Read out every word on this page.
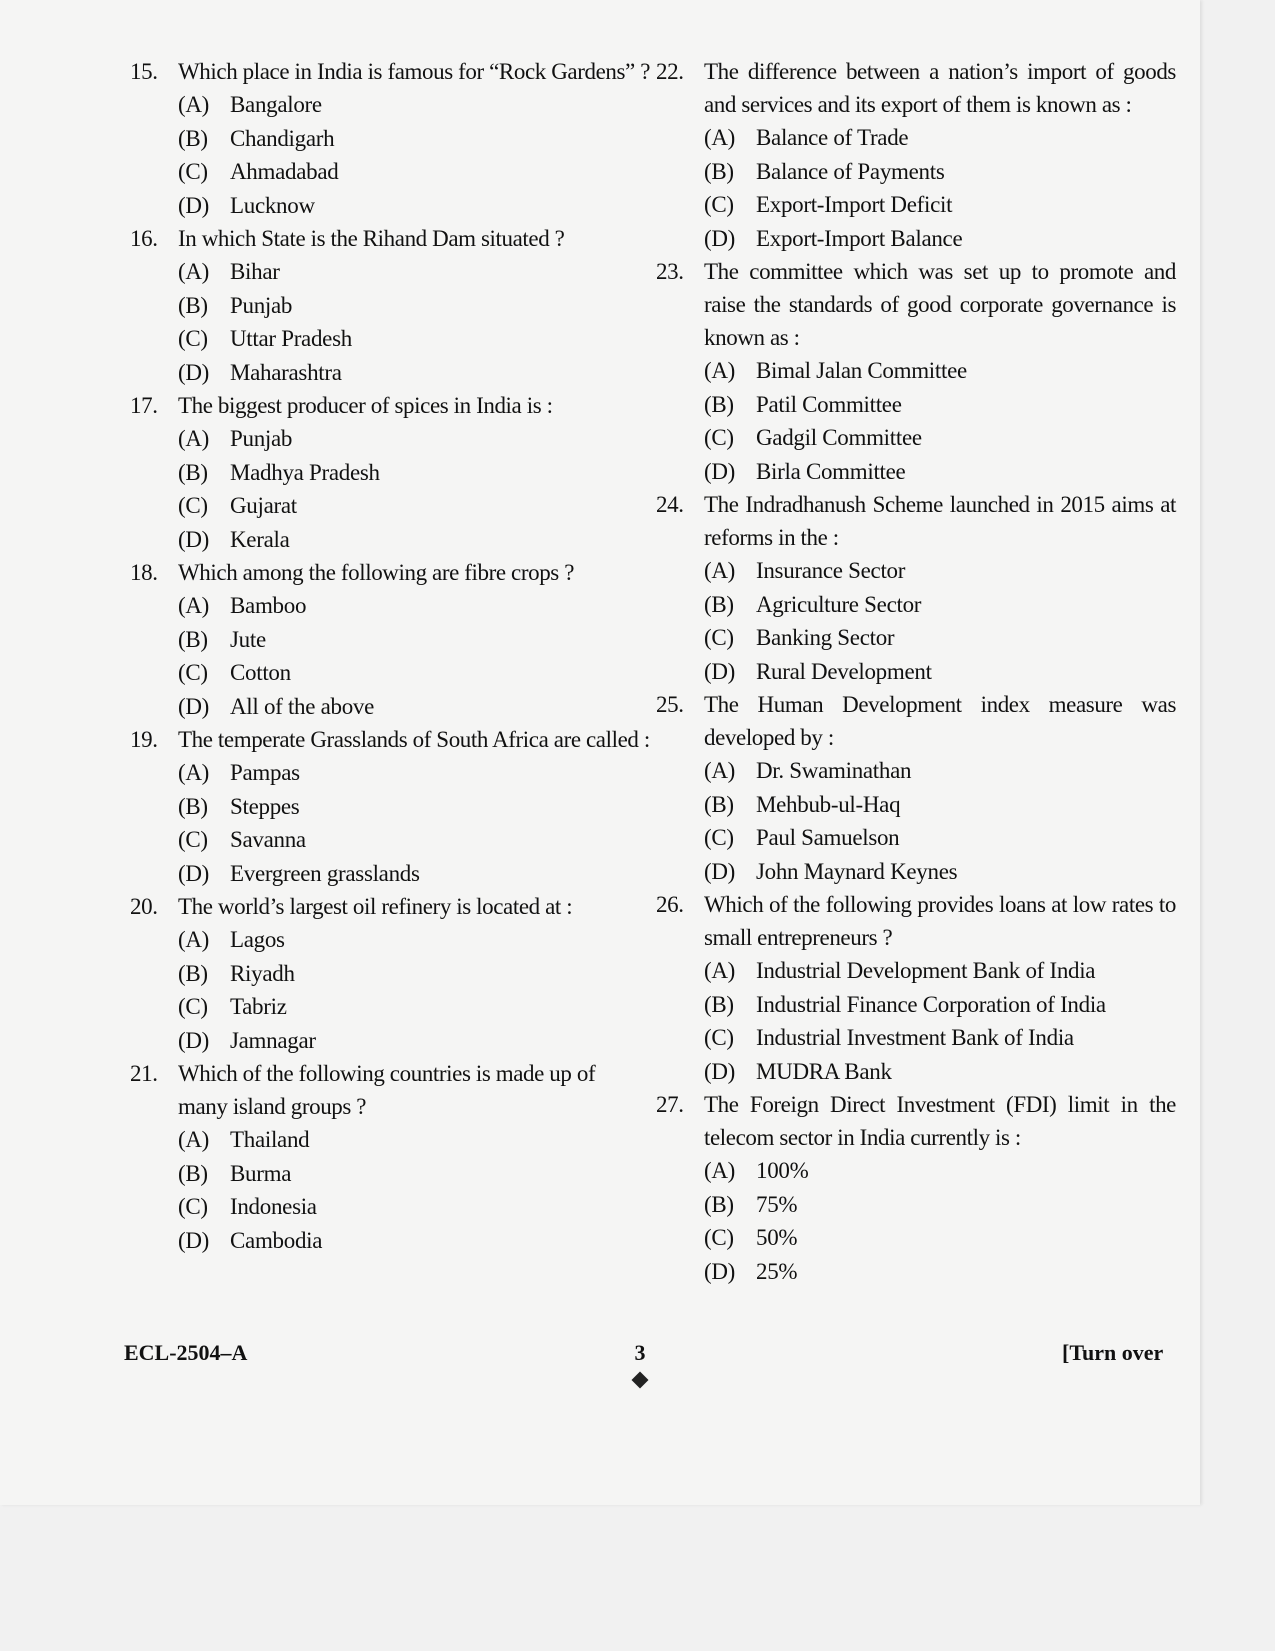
15. Which place in India is famous for “Rock Gardens” ?
(A) Bangalore
(B) Chandigarh
(C) Ahmadabad
(D) Lucknow
16. In which State is the Rihand Dam situated ?
(A) Bihar
(B) Punjab
(C) Uttar Pradesh
(D) Maharashtra
17. The biggest producer of spices in India is :
(A) Punjab
(B) Madhya Pradesh
(C) Gujarat
(D) Kerala
18. Which among the following are fibre crops ?
(A) Bamboo
(B) Jute
(C) Cotton
(D) All of the above
19. The temperate Grasslands of South Africa are called :
(A) Pampas
(B) Steppes
(C) Savanna
(D) Evergreen grasslands
20. The world’s largest oil refinery is located at :
(A) Lagos
(B) Riyadh
(C) Tabriz
(D) Jamnagar
21. Which of the following countries is made up of many island groups ?
(A) Thailand
(B) Burma
(C) Indonesia
(D) Cambodia
22. The difference between a nation’s import of goods and services and its export of them is known as :
(A) Balance of Trade
(B) Balance of Payments
(C) Export-Import Deficit
(D) Export-Import Balance
23. The committee which was set up to promote and raise the standards of good corporate governance is known as :
(A) Bimal Jalan Committee
(B) Patil Committee
(C) Gadgil Committee
(D) Birla Committee
24. The Indradhanush Scheme launched in 2015 aims at reforms in the :
(A) Insurance Sector
(B) Agriculture Sector
(C) Banking Sector
(D) Rural Development
25. The Human Development index measure was developed by :
(A) Dr. Swaminathan
(B) Mehbub-ul-Haq
(C) Paul Samuelson
(D) John Maynard Keynes
26. Which of the following provides loans at low rates to small entrepreneurs ?
(A) Industrial Development Bank of India
(B) Industrial Finance Corporation of India
(C) Industrial Investment Bank of India
(D) MUDRA Bank
27. The Foreign Direct Investment (FDI) limit in the telecom sector in India currently is :
(A) 100%
(B) 75%
(C) 50%
(D) 25%
ECL-2504–A	3	[Turn over
